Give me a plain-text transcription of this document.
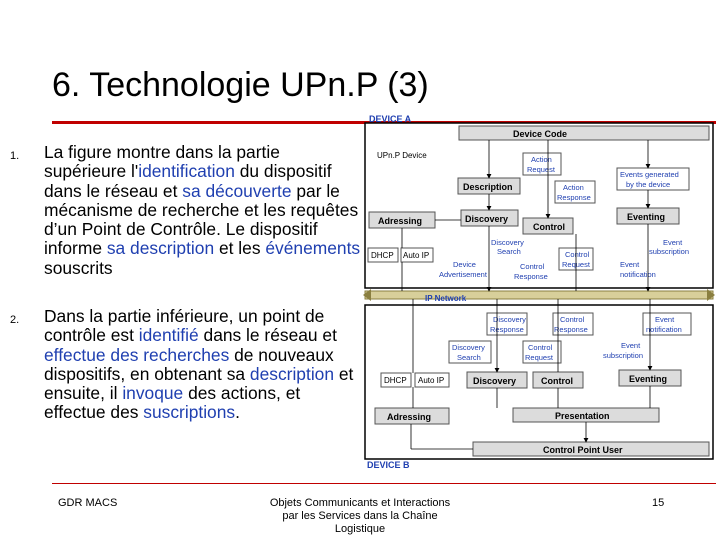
6. Technologie UPn.P (3)
1. La figure montre dans la partie supérieure l'identification du dispositif dans le réseau et sa découverte par le mécanisme de recherche et les requêtes d’un Point de Contrôle. Le dispositif informe sa description et les événements souscrits
2. Dans la partie inférieure, un point de contrôle est identifié dans le réseau et effectue des recherches de nouveaux dispositifs, en obtenant sa description et ensuite, il invoque des actions, et effectue des suscriptions.
DEVICE A
Device Code
UPn.P Device
Description
Discovery
Control
Eventing
Adressing
DHCP Auto IP
Action
Request
Action
Response
Events generated
by the device
Discovery
Search	Control
Request
Event
subscription
Device
Advertisement
Control
Response
Event
notification
IP Network
DEVICE B
Discovery
Response
Control
Response
Event
notification
Discovery
Search
Control
Request
Event
subscription
DHCP Auto IP	Discovery	Control	Eventing
Adressing	Presentation
Control Point User
GDR MACS	Objets Communicants et Interactions
par les Services dans la Chaîne
Logistique
15
